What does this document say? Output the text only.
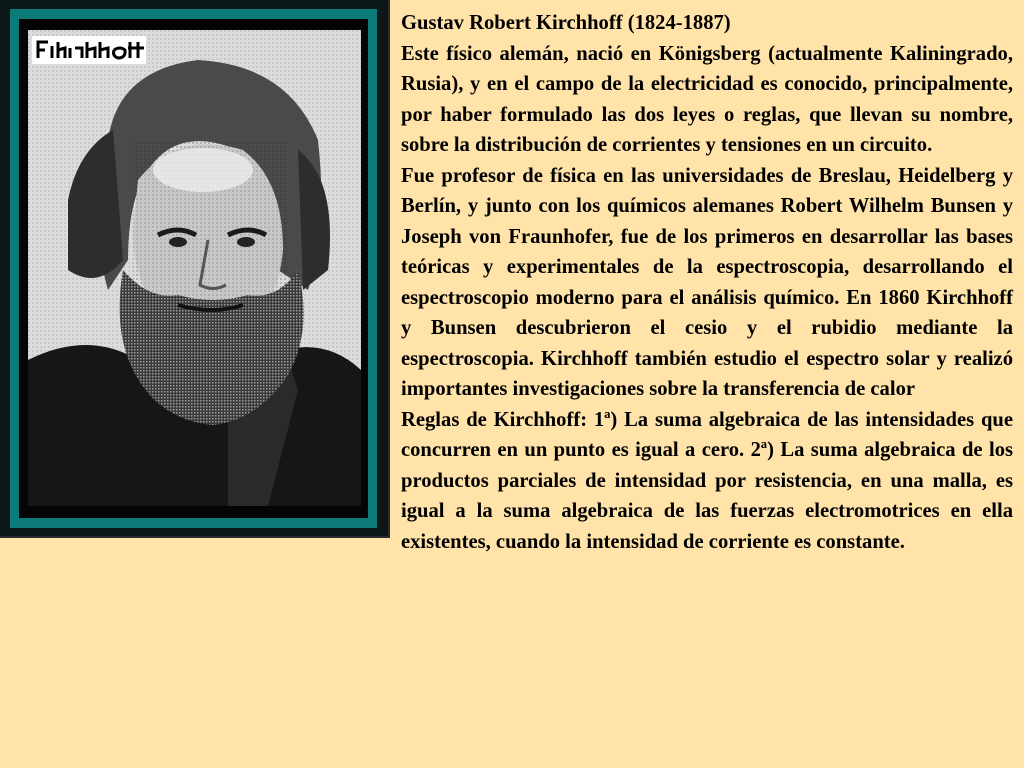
Gustav Robert Kirchhoff (1824-1887)

Este físico alemán, nació en Königsberg (actualmente Kaliningrado, Rusia), y en el campo de la electricidad es conocido, principalmente, por haber formulado las dos leyes o reglas, que llevan su nombre, sobre la distribución de corrientes y tensiones en un circuito.

Fue profesor de física en las universidades de Breslau, Heidelberg y Berlín, y junto con los químicos alemanes Robert Wilhelm Bunsen y Joseph von Fraunhofer, fue de los primeros en desarrollar las bases teóricas y experimentales de la espectroscopia, desarrollando el espectroscopio moderno para el análisis químico. En 1860 Kirchhoff y Bunsen descubrieron el cesio y el rubidio mediante la espectroscopia. Kirchhoff también estudio el espectro solar y realizó importantes investigaciones sobre la transferencia de calor

Reglas de Kirchhoff: 1ª) La suma algebraica de las intensidades que concurren en un punto es igual a cero. 2ª) La suma algebraica de los productos parciales de intensidad por resistencia, en una malla, es igual a la suma algebraica de las fuerzas electromotrices en ella existentes, cuando la intensidad de corriente es constante.
